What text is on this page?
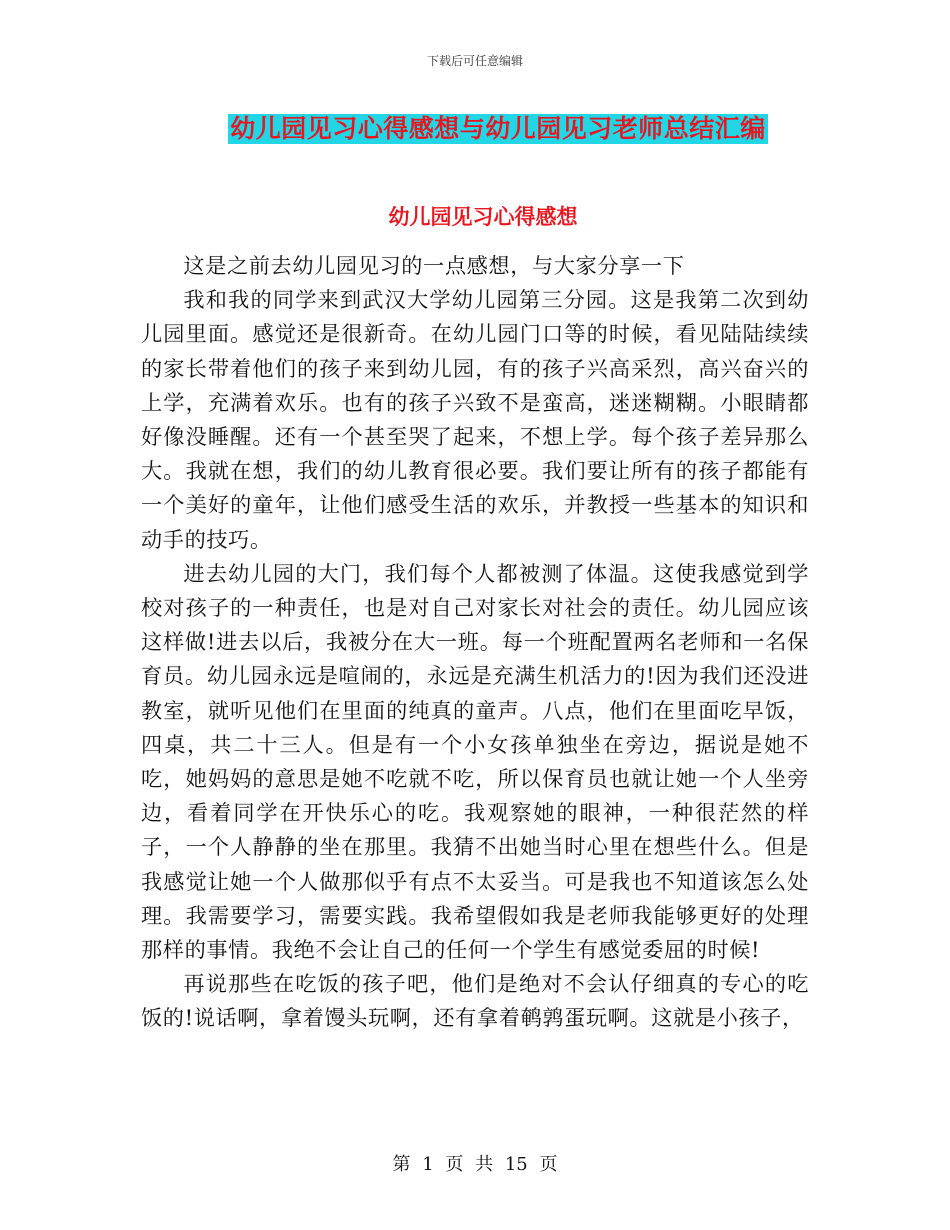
下载后可任意编辑
幼儿园见习心得感想与幼儿园见习老师总结汇编
幼儿园见习心得感想

这是之前去幼儿园见习的一点感想，与大家分享一下

我和我的同学来到武汉大学幼儿园第三分园。这是我第二次到幼儿园里面。感觉还是很新奇。在幼儿园门口等的时候，看见陆陆续续的家长带着他们的孩子来到幼儿园，有的孩子兴高采烈，高兴奋兴的上学，充满着欢乐。也有的孩子兴致不是蛮高，迷迷糊糊。小眼睛都好像没睡醒。还有一个甚至哭了起来，不想上学。每个孩子差异那么大。我就在想，我们的幼儿教育很必要。我们要让所有的孩子都能有一个美好的童年，让他们感受生活的欢乐，并教授一些基本的知识和动手的技巧。

进去幼儿园的大门，我们每个人都被测了体温。这使我感觉到学校对孩子的一种责任，也是对自己对家长对社会的责任。幼儿园应该这样做!进去以后，我被分在大一班。每一个班配置两名老师和一名保育员。幼儿园永远是喧闹的，永远是充满生机活力的!因为我们还没进教室，就听见他们在里面的纯真的童声。八点，他们在里面吃早饭，四桌，共二十三人。但是有一个小女孩单独坐在旁边，据说是她不吃，她妈妈的意思是她不吃就不吃，所以保育员也就让她一个人坐旁边，看着同学在开快乐心的吃。我观察她的眼神，一种很茫然的样子，一个人静静的坐在那里。我猜不出她当时心里在想些什么。但是我感觉让她一个人做那似乎有点不太妥当。可是我也不知道该怎么处理。我需要学习，需要实践。我希望假如我是老师我能够更好的处理那样的事情。我绝不会让自己的任何一个学生有感觉委屈的时候!

再说那些在吃饭的孩子吧，他们是绝对不会认仔细真的专心的吃饭的!说话啊，拿着馒头玩啊，还有拿着鹌鹑蛋玩啊。这就是小孩子，

第 1 页 共 15 页
